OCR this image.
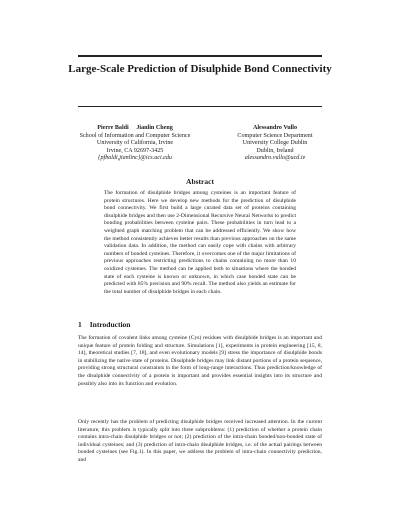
Large-Scale Prediction of Disulphide Bond Connectivity
Pierre Baldi     Jianlin Cheng
School of Information and Computer Science
University of California, Irvine
Irvine, CA 92697-3425
{pfbaldi,jianlinc}@ics.uci.edu
Alessandro Vullo
Computer Science Department
University College Dublin
Dublin, Ireland
alessandro.vullo@ucd.ie
Abstract
The formation of disulphide bridges among cysteines is an important feature of protein structures. Here we develop new methods for the prediction of disulphide bond connectivity. We first build a large curated data set of proteins containing disulphide bridges and then use 2-Dimensional Recursive Neural Networks to predict bonding probabilities between cysteine pairs. These probabilities in turn lead to a weighted graph matching problem that can be addressed efficiently. We show how the method consistently achieves better results than previous approaches on the same validation data. In addition, the method can easily cope with chains with arbitrary numbers of bonded cysteines. Therefore, it overcomes one of the major limitations of previous approaches restricting predictions to chains containing no more than 10 oxidized cysteines. The method can be applied both to situations where the bonded state of each cysteine is known or unknown, in which case bonded state can be predicted with 85% precision and 90% recall. The method also yields an estimate for the total number of disulphide bridges in each chain.
1 Introduction
The formation of covalent links among cysteine (Cys) residues with disulphide bridges is an important and unique feature of protein folding and structure. Simulations [1], experiments in protein engineering [15, 8, 14], theoretical studies [7, 18], and even evolutionary models [9] stress the importance of disulphide bonds in stabilizing the native state of proteins. Disulphide bridges may link distant portions of a protein sequence, providing strong structural constraints in the form of long-range interactions. Thus prediction/knowledge of the disulphide connectivity of a protein is important and provides essential insights into its structure and possibly also into its function and evolution.
Only recently has the problem of predicting disulphide bridges received increased attention. In the current literature, this problem is typically split into three subproblems: (1) prediction of whether a protein chain contains intra-chain disulphide bridges or not; (2) prediction of the intra-chain bonded/non-bonded state of individual cysteines; and (3) prediction of intra-chain disulphide bridges, i.e. of the actual pairings between bonded cysteines (see Fig.1). In this paper, we address the problem of intra-chain connectivity prediction, and
